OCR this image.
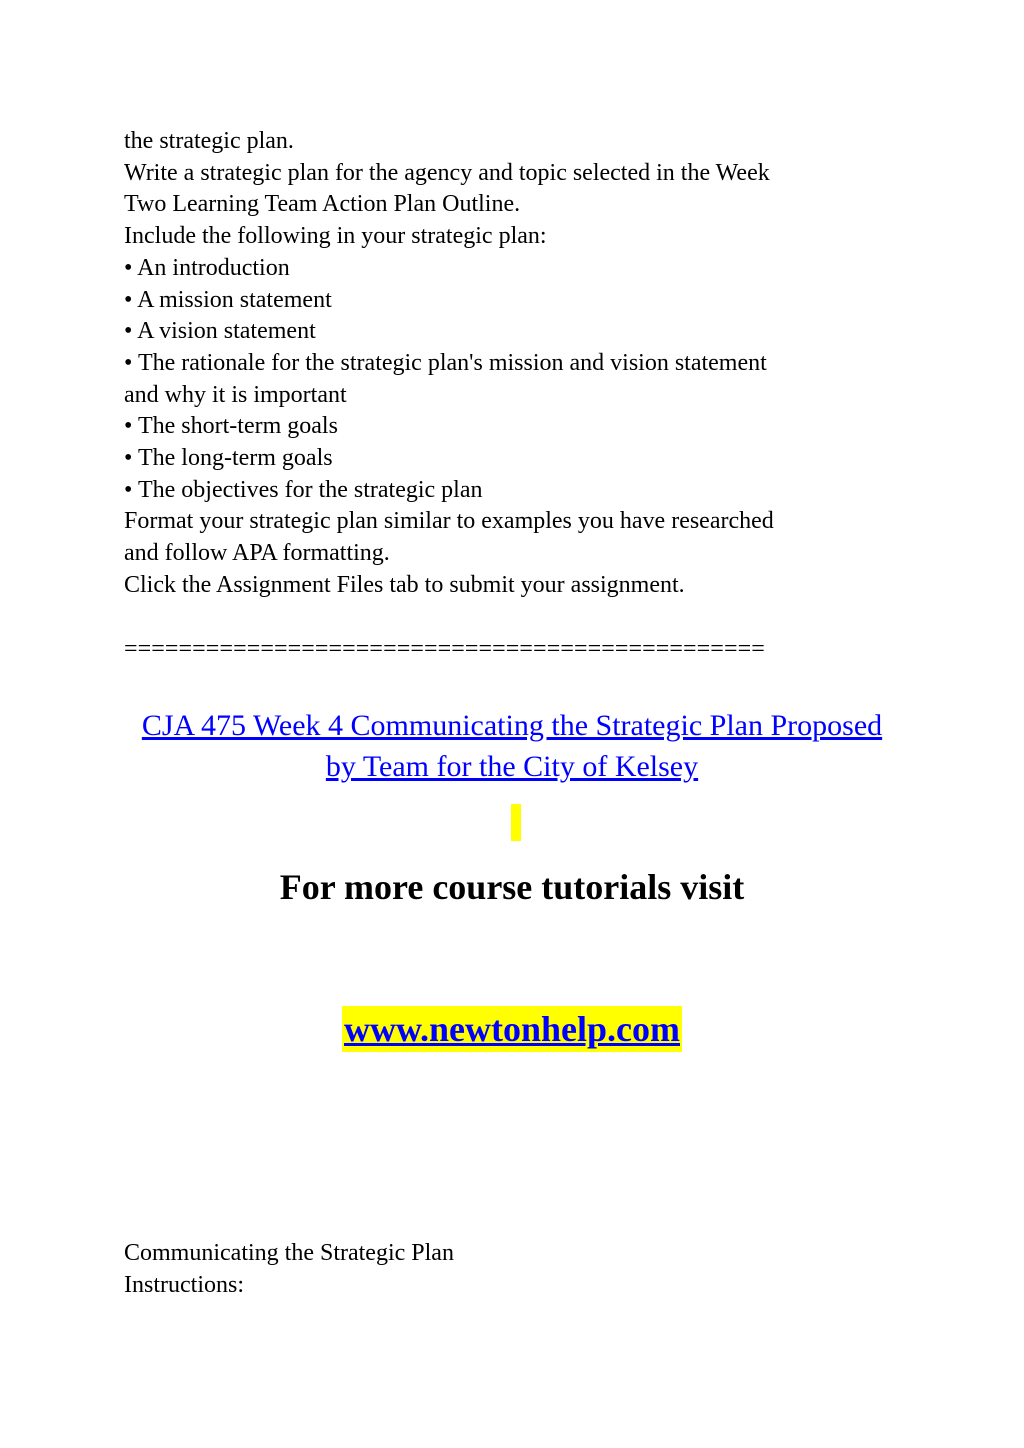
the strategic plan.
Write a strategic plan for the agency and topic selected in the Week
Two Learning Team Action Plan Outline.
Include the following in your strategic plan:
• An introduction
• A mission statement
• A vision statement
• The rationale for the strategic plan's mission and vision statement
and why it is important
• The short-term goals
• The long-term goals
• The objectives for the strategic plan
Format your strategic plan similar to examples you have researched
and follow APA formatting.
Click the Assignment Files tab to submit your assignment.
===============================================
CJA 475 Week 4 Communicating the Strategic Plan Proposed
by Team for the City of Kelsey
For more course tutorials visit
www.newtonhelp.com
Communicating the Strategic Plan
Instructions:
